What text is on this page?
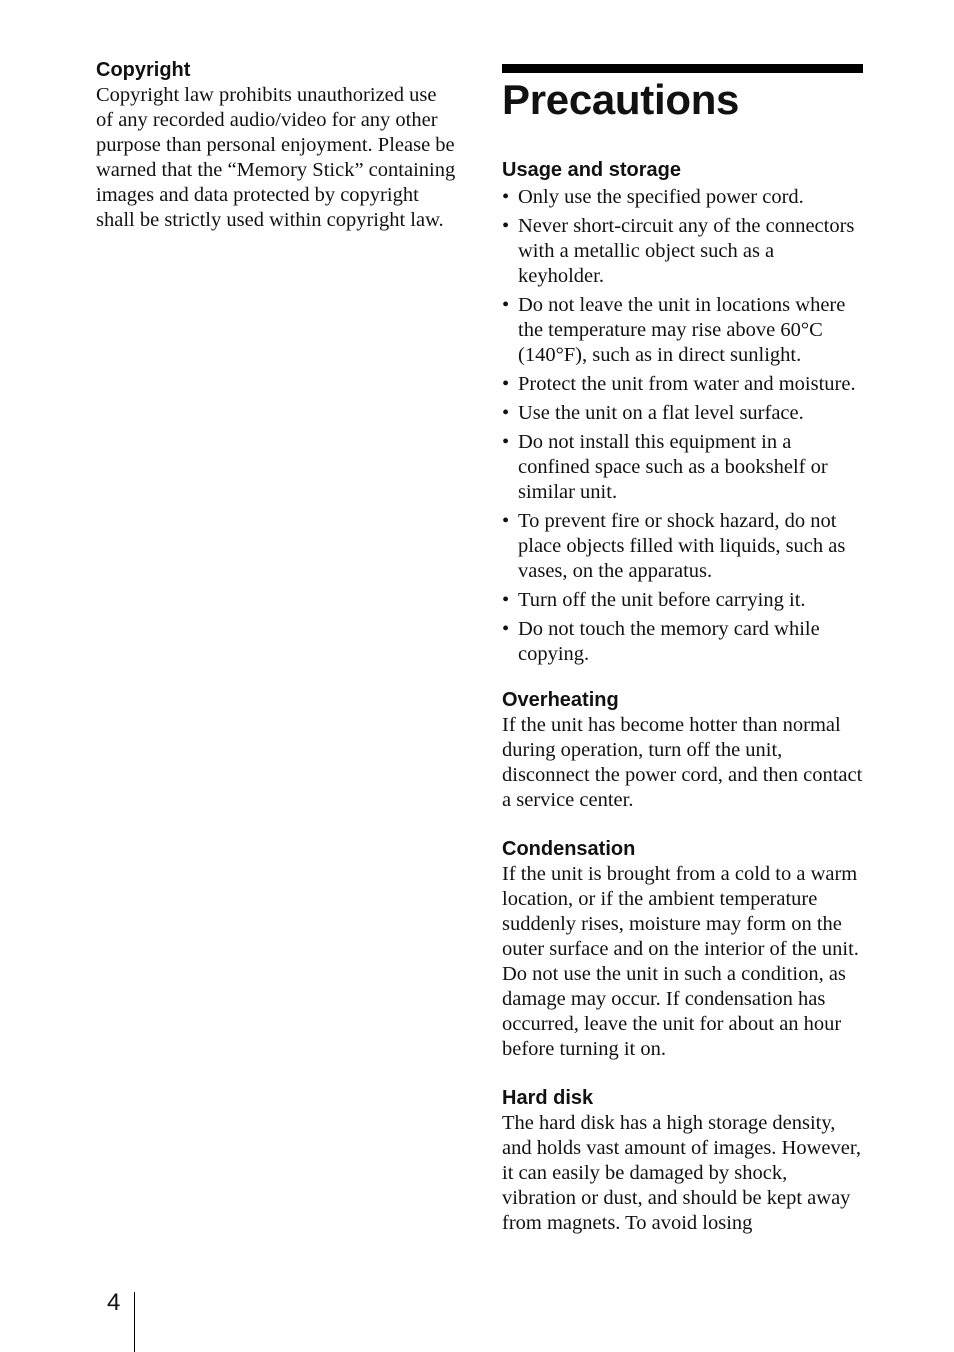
Copyright

Copyright law prohibits unauthorized use of any recorded audio/video for any other purpose than personal enjoyment. Please be warned that the “Memory Stick” containing images and data protected by copyright shall be strictly used within copyright law.

Precautions
Usage and storage
• Only use the specified power cord.
• Never short-circuit any of the connectors with a metallic object such as a keyholder.
• Do not leave the unit in locations where the temperature may rise above 60°C (140°F), such as in direct sunlight.
• Protect the unit from water and moisture.
• Use the unit on a flat level surface.
• Do not install this equipment in a confined space such as a bookshelf or similar unit.
• To prevent fire or shock hazard, do not place objects filled with liquids, such as vases, on the apparatus.
• Turn off the unit before carrying it.
• Do not touch the memory card while copying.
Overheating

If the unit has become hotter than normal during operation, turn off the unit, disconnect the power cord, and then contact a service center.

Condensation

If the unit is brought from a cold to a warm location, or if the ambient temperature suddenly rises, moisture may form on the outer surface and on the interior of the unit. Do not use the unit in such a condition, as damage may occur. If condensation has occurred, leave the unit for about an hour before turning it on.

Hard disk

The hard disk has a high storage density, and holds vast amount of images. However, it can easily be damaged by shock, vibration or dust, and should be kept away from magnets. To avoid losing

4
